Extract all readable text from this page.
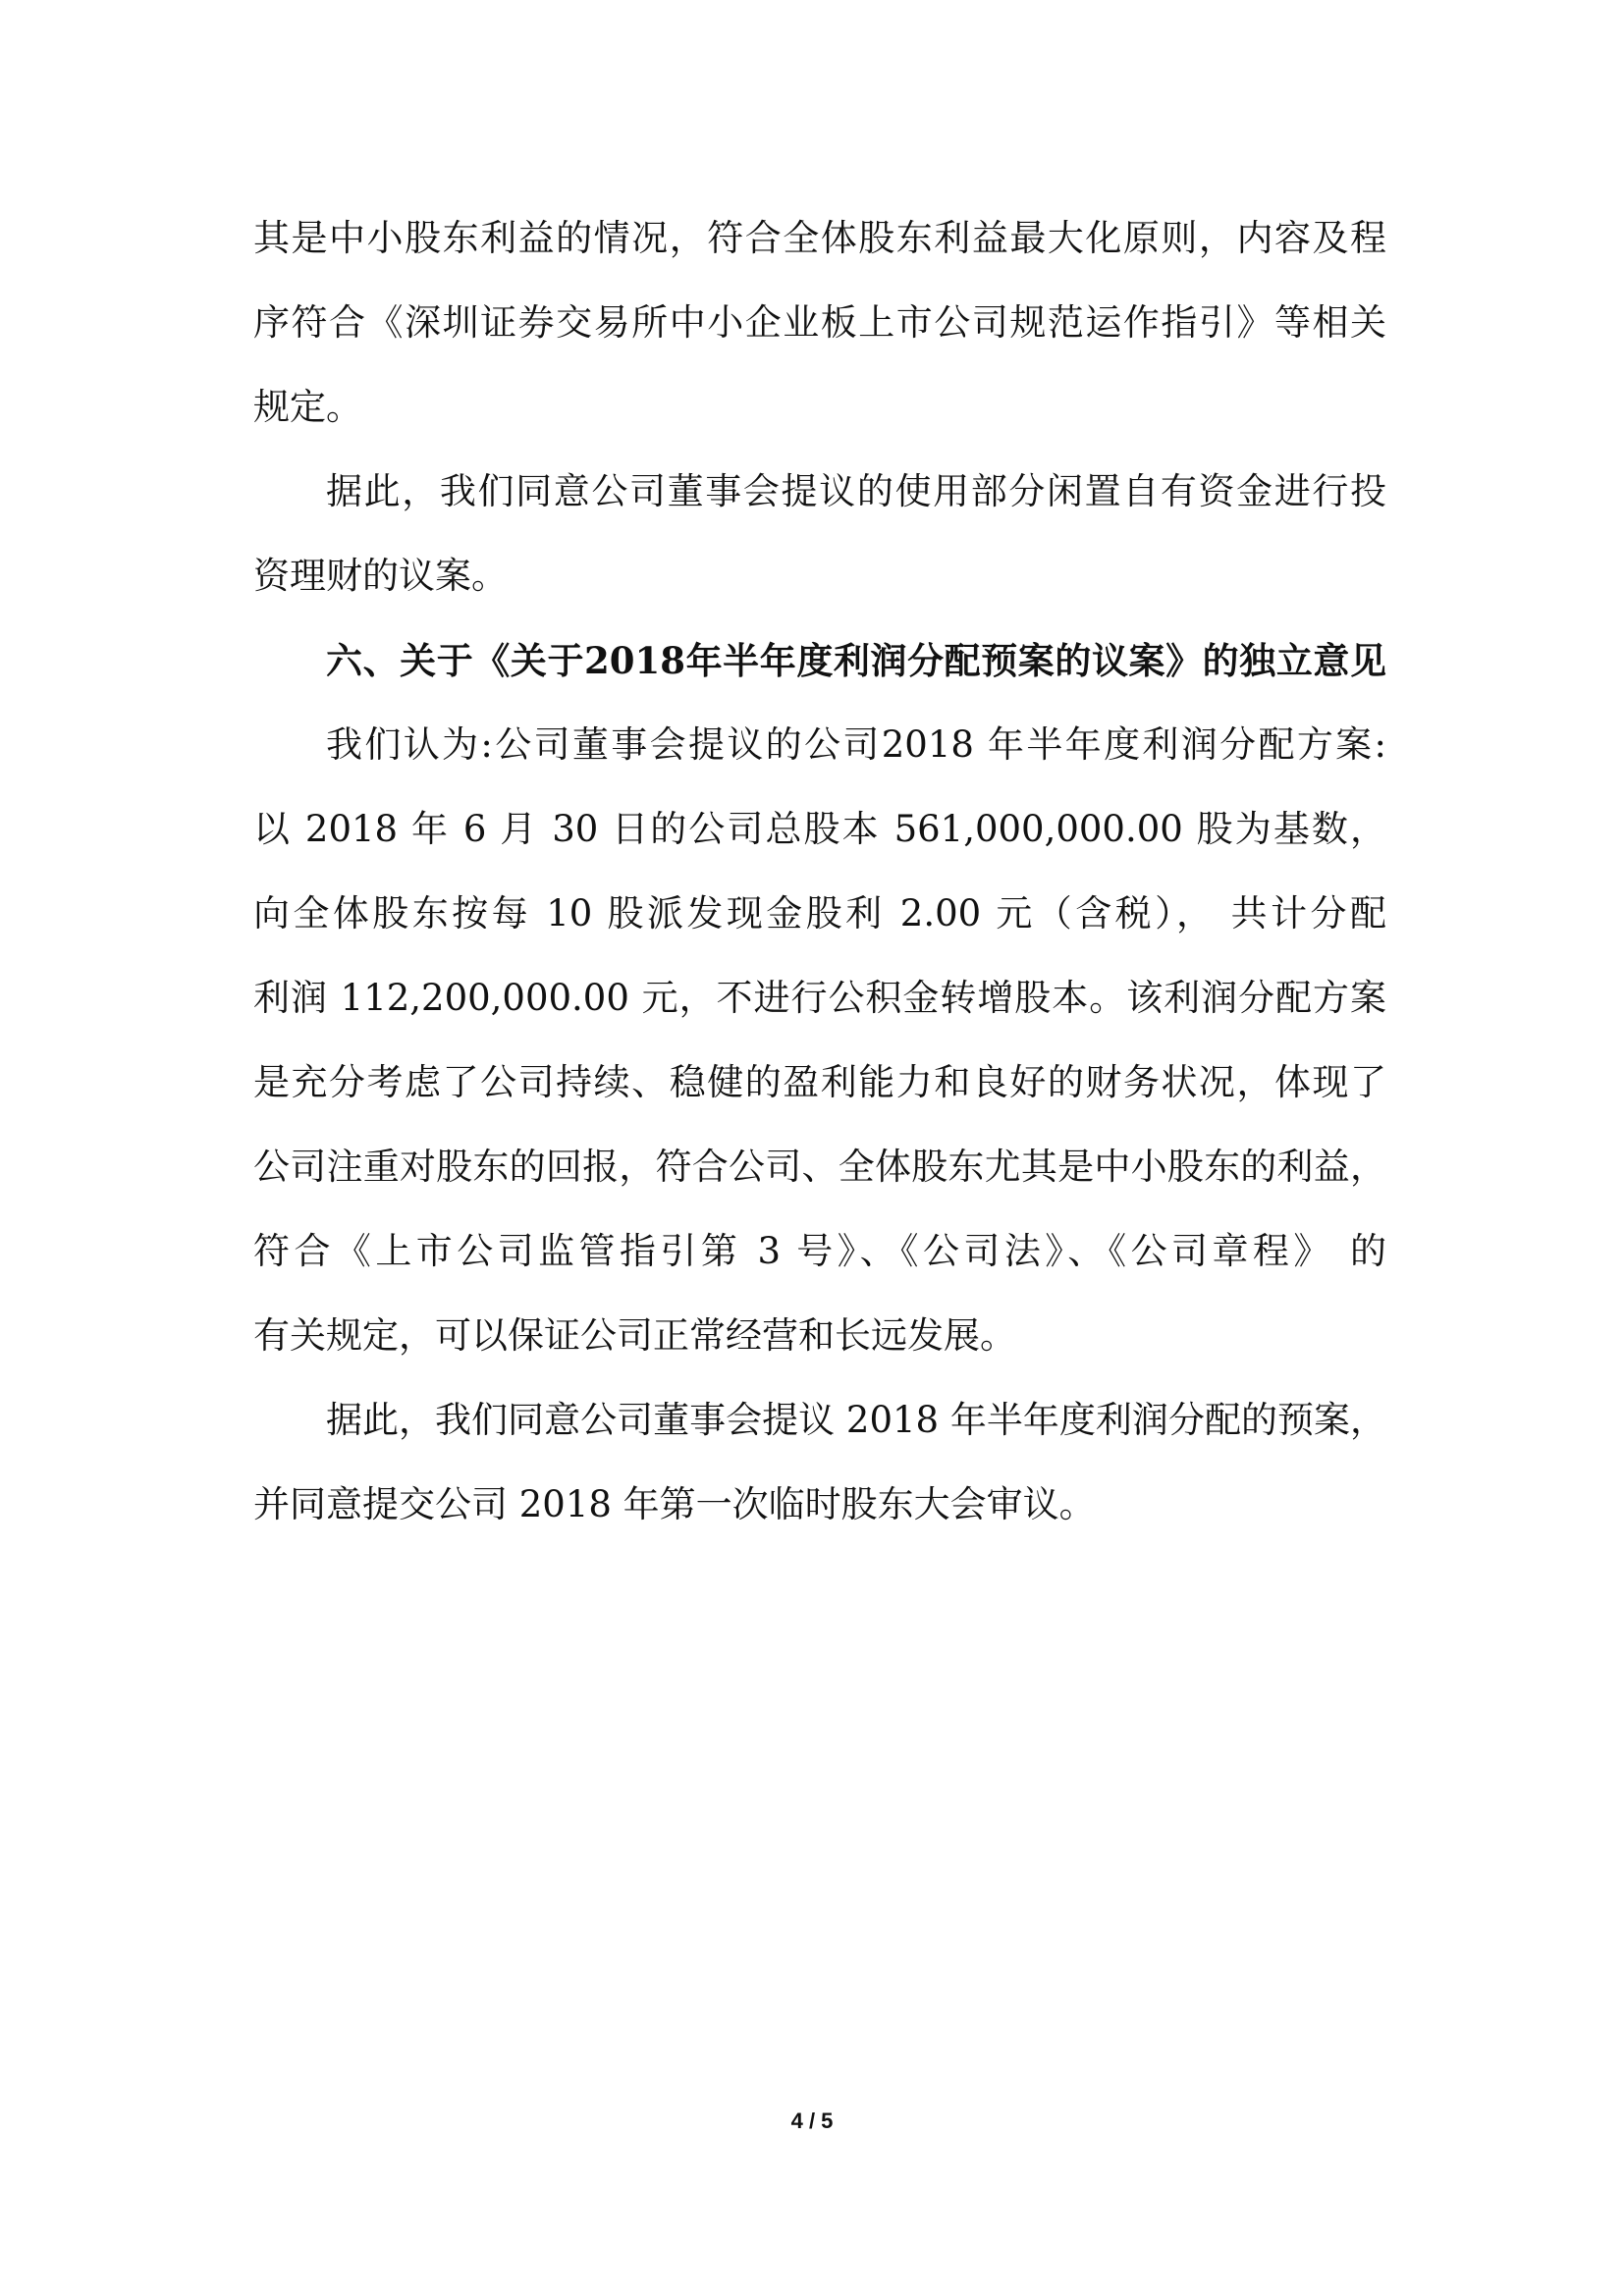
其是中小股东利益的情况，符合全体股东利益最大化原则，内容及程
序符合《深圳证券交易所中小企业板上市公司规范运作指引》等相关
规定。
据此，我们同意公司董事会提议的使用部分闲置自有资金进行投
资理财的议案。
六、关于《关于2018年半年度利润分配预案的议案》的独立意见
我们认为:公司董事会提议的公司2018 年半年度利润分配方案:
以 2018 年 6 月 30 日的公司总股本 561,000,000.00 股为基数，
向全体股东按每 10 股派发现金股利 2.00 元（含税）， 共计分配
利润 112,200,000.00 元，不进行公积金转增股本。该利润分配方案
是充分考虑了公司持续、稳健的盈利能力和良好的财务状况，体现了
公司注重对股东的回报，符合公司、全体股东尤其是中小股东的利益，
符合《上市公司监管指引第 3 号》、《公司法》、《公司章程》 的
有关规定，可以保证公司正常经营和长远发展。
据此，我们同意公司董事会提议 2018 年半年度利润分配的预案，
并同意提交公司 2018 年第一次临时股东大会审议。
4 / 5
